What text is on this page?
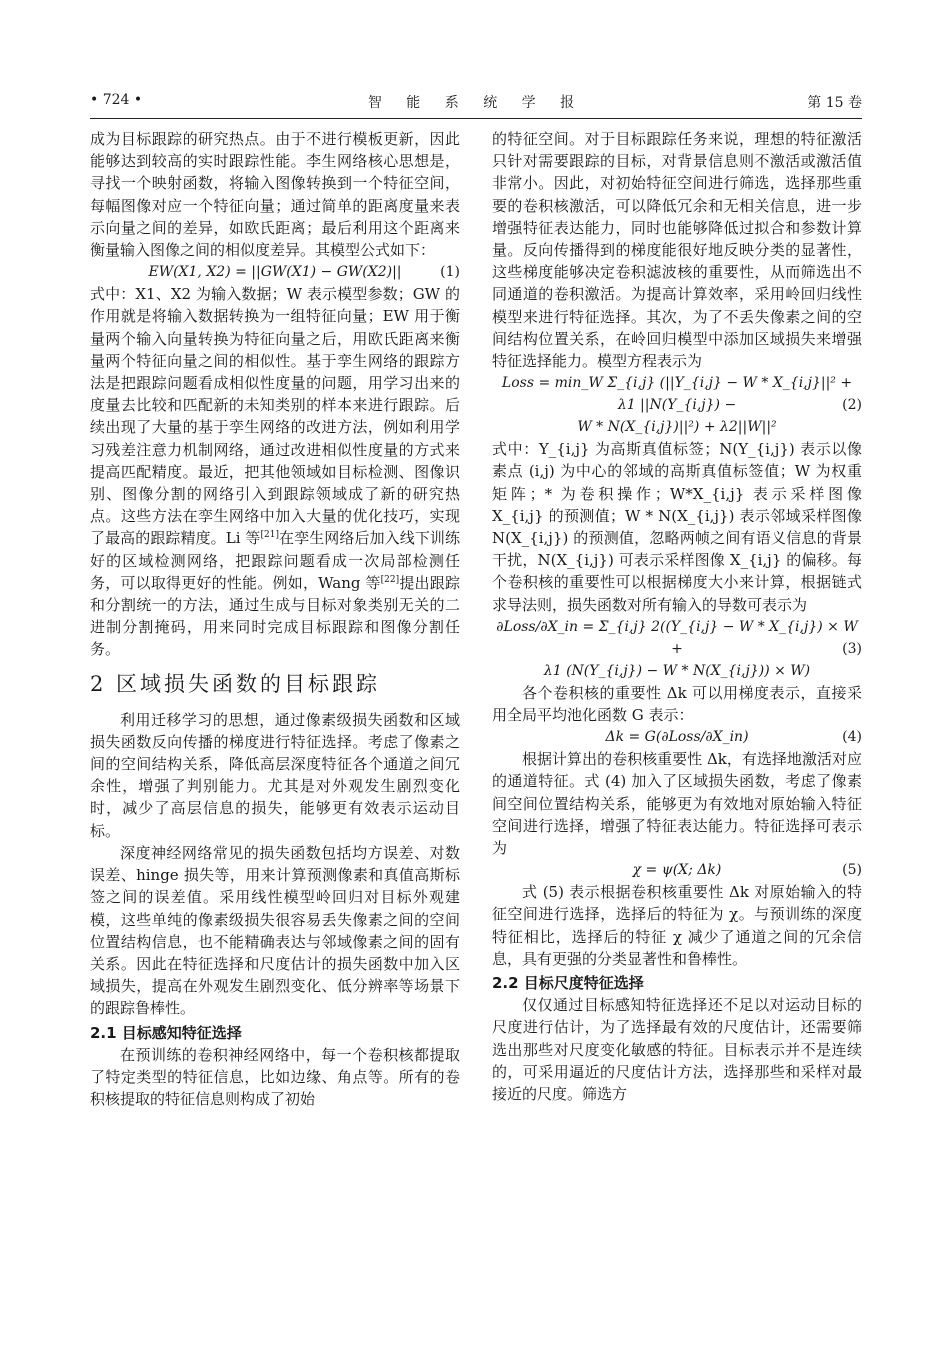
• 724 •	智 能 系 统 学 报	第 15 卷

成为目标跟踪的研究热点。由于不进行模板更新，因此能够达到较高的实时跟踪性能。李生网络核心思想是，寻找一个映射函数，将输入图像转换到一个特征空间，每幅图像对应一个特征向量；通过简单的距离度量来表示向量之间的差异，如欧氏距离；最后利用这个距离来衡量输入图像之间的相似度差异。其模型公式如下：

EW(X1, X2) = ||GW(X1) − GW(X2)||	(1)

式中：X1、X2 为输入数据；W 表示模型参数；GW 的作用就是将输入数据转换为一组特征向量；EW 用于衡量两个输入向量转换为特征向量之后，用欧氏距离来衡量两个特征向量之间的相似性。基于孪生网络的跟踪方法是把跟踪问题看成相似性度量的问题，用学习出来的度量去比较和匹配新的未知类别的样本来进行跟踪。后续出现了大量的基于孪生网络的改进方法，例如利用学习残差注意力机制网络，通过改进相似性度量的方式来提高匹配精度。最近，把其他领域如目标检测、图像识别、图像分割的网络引入到跟踪领域成了新的研究热点。这些方法在孪生网络中加入大量的优化技巧，实现了最高的跟踪精度。Li 等[21]在孪生网络后加入线下训练好的区域检测网络，把跟踪问题看成一次局部检测任务，可以取得更好的性能。例如，Wang 等[22]提出跟踪和分割统一的方法，通过生成与目标对象类别无关的二进制分割掩码，用来同时完成目标跟踪和图像分割任务。

2 区域损失函数的目标跟踪

利用迁移学习的思想，通过像素级损失函数和区域损失函数反向传播的梯度进行特征选择。考虑了像素之间的空间结构关系，降低高层深度特征各个通道之间冗余性，增强了判别能力。尤其是对外观发生剧烈变化时，减少了高层信息的损失，能够更有效表示运动目标。

深度神经网络常见的损失函数包括均方误差、对数误差、hinge 损失等，用来计算预测像素和真值高斯标签之间的误差值。采用线性模型岭回归对目标外观建模，这些单纯的像素级损失很容易丢失像素之间的空间位置结构信息，也不能精确表达与邻域像素之间的固有关系。因此在特征选择和尺度估计的损失函数中加入区域损失，提高在外观发生剧烈变化、低分辨率等场景下的跟踪鲁棒性。

2.1 目标感知特征选择

在预训练的卷积神经网络中，每一个卷积核都提取了特定类型的特征信息，比如边缘、角点等。所有的卷积核提取的特征信息则构成了初始

的特征空间。对于目标跟踪任务来说，理想的特征激活只针对需要跟踪的目标，对背景信息则不激活或激活值非常小。因此，对初始特征空间进行筛选，选择那些重要的卷积核激活，可以降低冗余和无相关信息，进一步增强特征表达能力，同时也能够降低过拟合和参数计算量。反向传播得到的梯度能很好地反映分类的显著性，这些梯度能够决定卷积滤波核的重要性，从而筛选出不同通道的卷积激活。为提高计算效率，采用岭回归线性模型来进行特征选择。其次，为了不丢失像素之间的空间结构位置关系，在岭回归模型中添加区域损失来增强特征选择能力。模型方程表示为

Loss = min_W Σ_{i,j} (||Y_{i,j} − W * X_{i,j}||² + λ1 ||N(Y_{i,j}) −
W * N(X_{i,j})||²) + λ2||W||²
(2)

式中：Y_{i,j} 为高斯真值标签；N(Y_{i,j}) 表示以像素点 (i,j) 为中心的邻域的高斯真值标签值；W 为权重矩阵；* 为卷积操作；W*X_{i,j} 表示采样图像 X_{i,j} 的预测值；W * N(X_{i,j}) 表示邻域采样图像 N(X_{i,j}) 的预测值，忽略两帧之间有语义信息的背景干扰，N(X_{i,j}) 可表示采样图像 X_{i,j} 的偏移。每个卷积核的重要性可以根据梯度大小来计算，根据链式求导法则，损失函数对所有输入的导数可表示为

∂Loss/∂X_in = Σ_{i,j} 2((Y_{i,j} − W * X_{i,j}) × W +
λ1 (N(Y_{i,j}) − W * N(X_{i,j})) × W)
(3)

各个卷积核的重要性 Δk 可以用梯度表示，直接采用全局平均池化函数 G 表示：

Δk = G(∂Loss/∂X_in)	(4)

根据计算出的卷积核重要性 Δk，有选择地激活对应的通道特征。式 (4) 加入了区域损失函数，考虑了像素间空间位置结构关系，能够更为有效地对原始输入特征空间进行选择，增强了特征表达能力。特征选择可表示为

χ = ψ(X; Δk)	(5)

式 (5) 表示根据卷积核重要性 Δk 对原始输入的特征空间进行选择，选择后的特征为 χ。与预训练的深度特征相比，选择后的特征 χ 减少了通道之间的冗余信息，具有更强的分类显著性和鲁棒性。

2.2 目标尺度特征选择

仅仅通过目标感知特征选择还不足以对运动目标的尺度进行估计，为了选择最有效的尺度估计，还需要筛选出那些对尺度变化敏感的特征。目标表示并不是连续的，可采用逼近的尺度估计方法，选择那些和采样对最接近的尺度。筛选方
